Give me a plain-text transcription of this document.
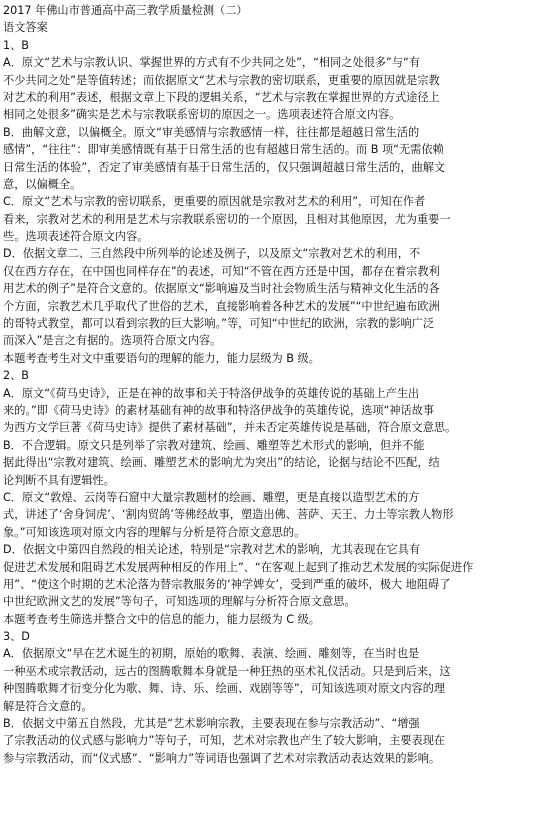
2017 年佛山市普通高中高三教学质量检测（二）
语文答案
1、B
A．原文“艺术与宗教认识、掌握世界的方式有不少共同之处”，“相同之处很多”与“有
不少共同之处”是等值转述；而依据原文“艺术与宗教的密切联系，更重要的原因就是宗教
对艺术的利用”表述，根据文章上下段的逻辑关系，“艺术与宗教在掌握世界的方式途径上
相同之处很多”确实是艺术与宗教联系密切的原因之一。选项表述符合原文内容。
B．曲解文意，以偏概全。原文“审美感情与宗教感情一样，往往都是超越日常生活的
感情”，“往往”：即审美感情既有基于日常生活的也有超越日常生活的。而 B 项“无需依赖
日常生活的体验”，否定了审美感情有基于日常生活的，仅只强调超越日常生活的，曲解文
意，以偏概全。
C．原文“艺术与宗教的密切联系，更重要的原因就是宗教对艺术的利用”，可知在作者
看来，宗教对艺术的利用是艺术与宗教联系密切的一个原因，且相对其他原因，尤为重要一
些。选项表述符合原文内容。
D．依据文章二、三自然段中所列举的论述及例子，以及原文“宗教对艺术的利用，不
仅在西方存在，在中国也同样存在”的表述，可知“不管在西方还是中国，都存在着宗教利
用艺术的例子”是符合文意的。依据原文“影响遍及当时社会物质生活与精神文化生活的各
个方面，宗教艺术几乎取代了世俗的艺术，直接影响着各种艺术的发展”“中世纪遍布欧洲
的哥特式教堂，都可以看到宗教的巨大影响。”等，可知“中世纪的欧洲，宗教的影响广泛
而深入”是言之有据的。选项符合原文内容。
本题考查考生对文中重要语句的理解的能力，能力层级为 B 级。
2、B
A．原文“《荷马史诗》，正是在神的故事和关于特洛伊战争的英雄传说的基础上产生出
来的。”即《荷马史诗》的素材基础有神的故事和特洛伊战争的英雄传说，选项“神话故事
为西方文学巨著《荷马史诗》提供了素材基础”，并未否定英雄传说是基础，符合原文意思。
B．不合逻辑。原文只是列举了宗教对建筑、绘画、雕塑等艺术形式的影响，但并不能
据此得出“宗教对建筑、绘画、雕塑艺术的影响尤为突出”的结论，论据与结论不匹配，结
论判断不具有逻辑性。
C．原文“敦煌、云岗等石窟中大量宗教题材的绘画、雕塑，更是直接以造型艺术的方
式，讲述了‘舍身饲虎’、‘割肉贸鸽’等佛经故事，塑造出佛、菩萨、天王、力士等宗教人物形
象。”可知该选项对原文内容的理解与分析是符合原文意思的。
D．依据文中第四自然段的相关论述，特别是“宗教对艺术的影响，尤其表现在它具有
促进艺术发展和阻碍艺术发展两种相反的作用上”、“在客观上起到了推动艺术发展的实际促进作
用”、“使这个时期的艺术沦落为替宗教服务的‘神学婢女’，受到严重的破坏，极大 地阻碍了
中世纪欧洲文艺的发展”等句子，可知选项的理解与分析符合原文意思。
本题考查考生筛选并整合文中的信息的能力，能力层级为 C 级。
3、D
A．依据原文“早在艺术诞生的初期，原始的歌舞、表演、绘画、雕刻等，在当时也是
一种巫术或宗教活动，远古的图腾歌舞本身就是一种狂热的巫术礼仪活动。只是到后来，这
种图腾歌舞才衍变分化为歌、舞、诗、乐、绘画、戏剧等等”，可知该选项对原文内容的理
解是符合文意的。
B．依据文中第五自然段，尤其是“艺术影响宗教，主要表现在参与宗教活动”、“增强
了宗教活动的仪式感与影响力”等句子，可知，艺术对宗教也产生了较大影响，主要表现在
参与宗教活动，而“仪式感”、“影响力”等词语也强调了艺术对宗教活动表达效果的影响。
